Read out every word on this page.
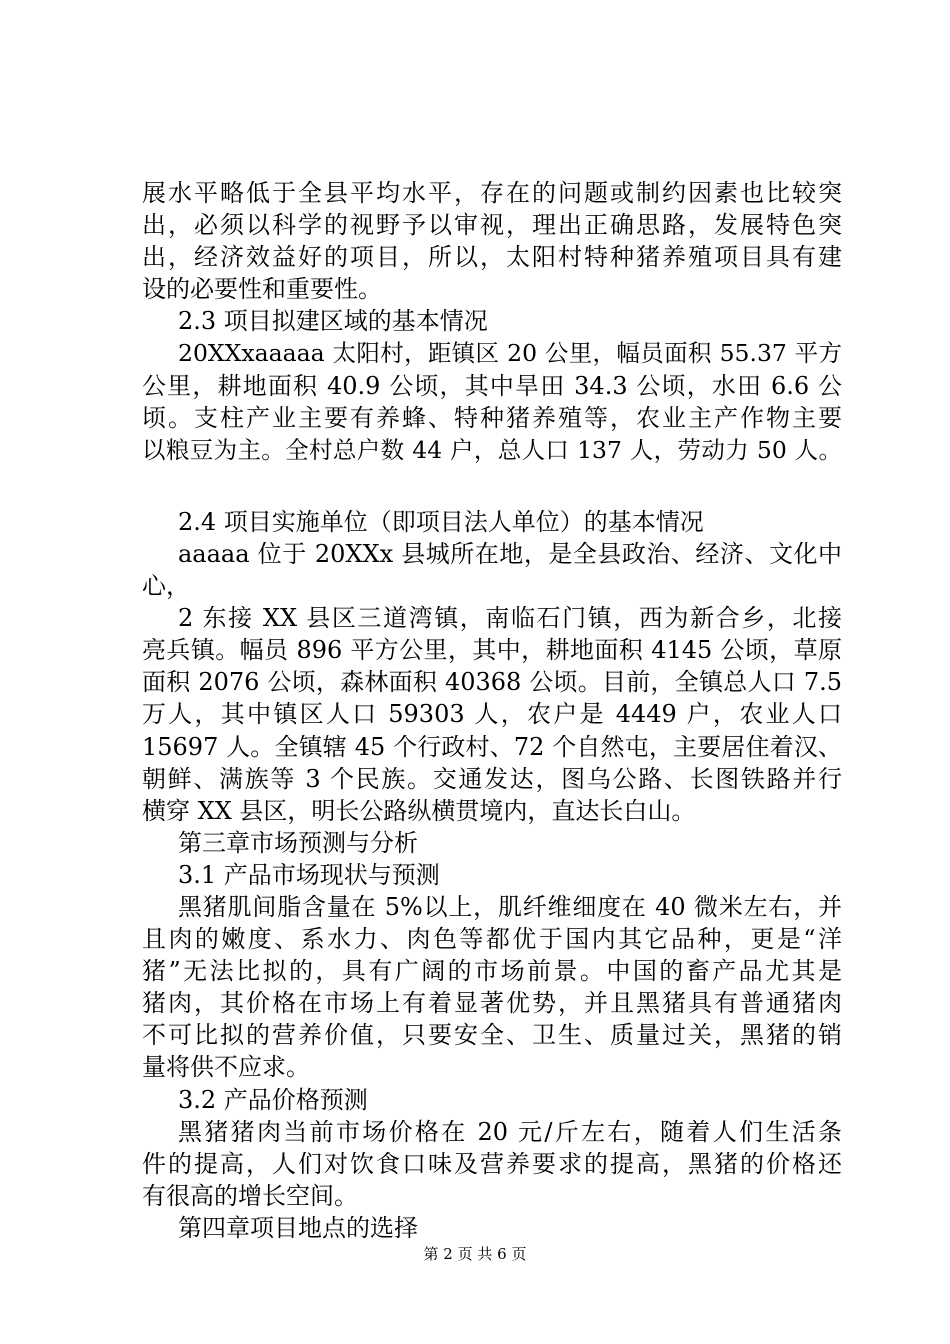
展水平略低于全县平均水平，存在的问题或制约因素也比较突
出，必须以科学的视野予以审视，理出正确思路，发展特色突
出，经济效益好的项目，所以，太阳村特种猪养殖项目具有建
设的必要性和重要性。
2.3 项目拟建区域的基本情况
20XXxaaaaa 太阳村，距镇区 20 公里，幅员面积 55.37 平方
公里，耕地面积 40.9 公顷，其中旱田 34.3 公顷，水田 6.6 公
顷。支柱产业主要有养蜂、特种猪养殖等，农业主产作物主要
以粮豆为主。全村总户数 44 户，总人口 137 人，劳动力 50 人。
2.4 项目实施单位（即项目法人单位）的基本情况
aaaaa 位于 20XXx 县城所在地，是全县政治、经济、文化中
心，
2 东接 XX 县区三道湾镇，南临石门镇，西为新合乡，北接
亮兵镇。幅员 896 平方公里，其中，耕地面积 4145 公顷，草原
面积 2076 公顷，森林面积 40368 公顷。目前，全镇总人口 7.5
万人，其中镇区人口 59303 人，农户是 4449 户，农业人口
15697 人。全镇辖 45 个行政村、72 个自然屯，主要居住着汉、
朝鲜、满族等 3 个民族。交通发达，图乌公路、长图铁路并行
横穿 XX 县区，明长公路纵横贯境内，直达长白山。
第三章市场预测与分析
3.1 产品市场现状与预测
黑猪肌间脂含量在 5%以上，肌纤维细度在 40 微米左右，并
且肉的嫩度、系水力、肉色等都优于国内其它品种，更是“洋
猪”无法比拟的，具有广阔的市场前景。中国的畜产品尤其是
猪肉，其价格在市场上有着显著优势，并且黑猪具有普通猪肉
不可比拟的营养价值，只要安全、卫生、质量过关，黑猪的销
量将供不应求。
3.2 产品价格预测
黑猪猪肉当前市场价格在 20 元/斤左右，随着人们生活条
件的提高，人们对饮食口味及营养要求的提高，黑猪的价格还
有很高的增长空间。
第四章项目地点的选择
第 2 页 共 6 页
